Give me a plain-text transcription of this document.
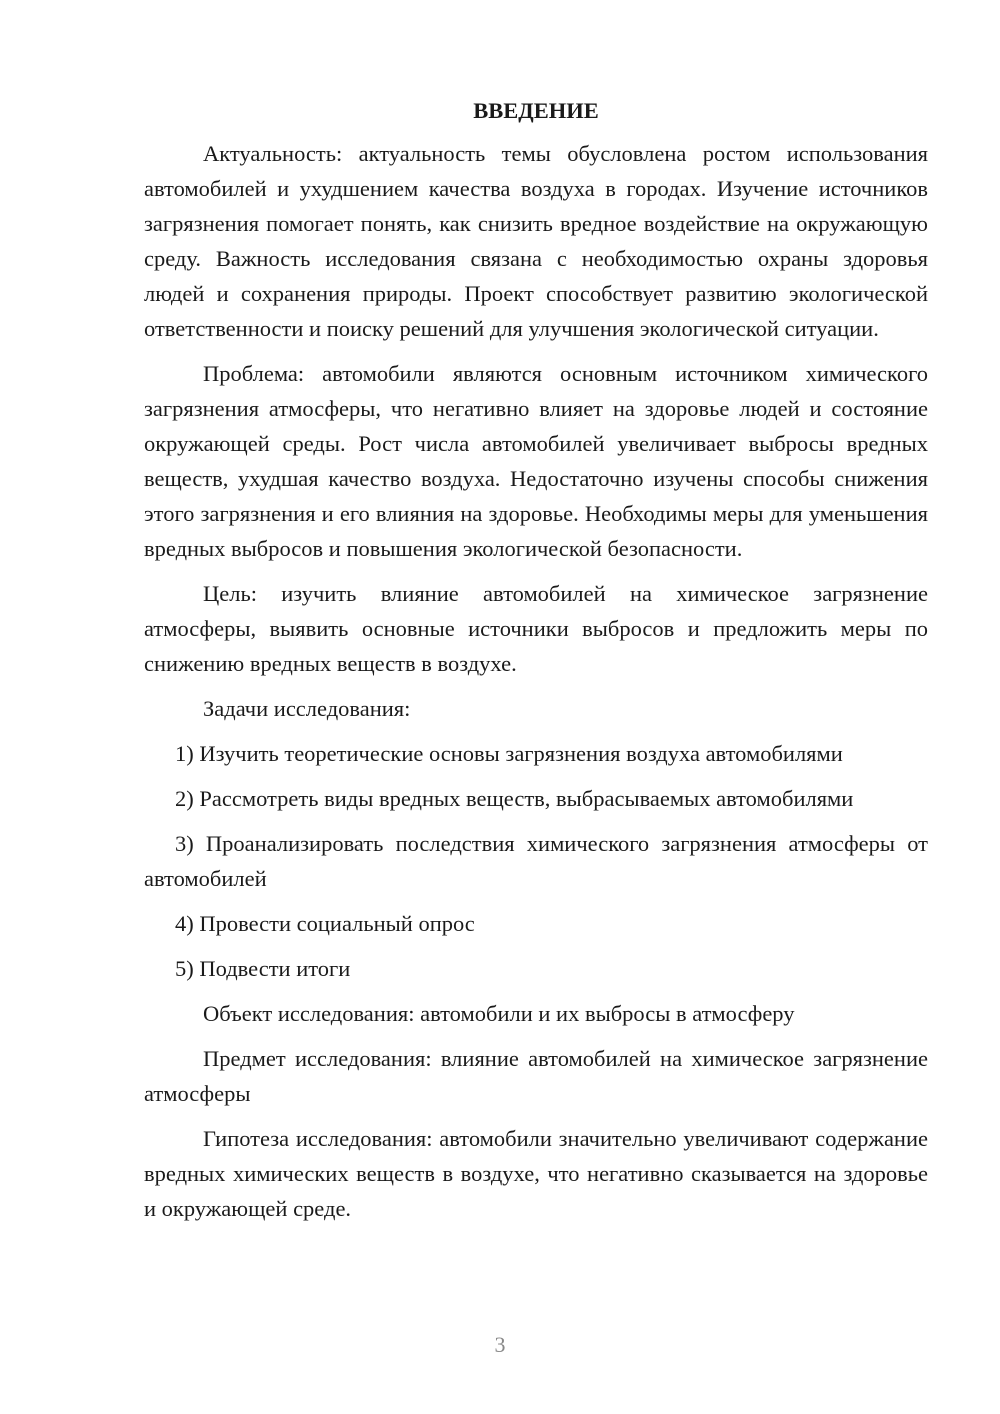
ВВЕДЕНИЕ

Актуальность: актуальность темы обусловлена ростом использования автомобилей и ухудшением качества воздуха в городах. Изучение источников загрязнения помогает понять, как снизить вредное воздействие на окружающую среду. Важность исследования связана с необходимостью охраны здоровья людей и сохранения природы. Проект способствует развитию экологической ответственности и поиску решений для улучшения экологической ситуации.

Проблема: автомобили являются основным источником химического загрязнения атмосферы, что негативно влияет на здоровье людей и состояние окружающей среды. Рост числа автомобилей увеличивает выбросы вредных веществ, ухудшая качество воздуха. Недостаточно изучены способы снижения этого загрязнения и его влияния на здоровье. Необходимы меры для уменьшения вредных выбросов и повышения экологической безопасности.

Цель: изучить влияние автомобилей на химическое загрязнение атмосферы, выявить основные источники выбросов и предложить меры по снижению вредных веществ в воздухе.

Задачи исследования:

1) Изучить теоретические основы загрязнения воздуха автомобилями

2) Рассмотреть виды вредных веществ, выбрасываемых автомобилями

3) Проанализировать последствия химического загрязнения атмосферы от автомобилей

4) Провести социальный опрос

5) Подвести итоги

Объект исследования: автомобили и их выбросы в атмосферу

Предмет исследования: влияние автомобилей на химическое загрязнение атмосферы

Гипотеза исследования: автомобили значительно увеличивают содержание вредных химических веществ в воздухе, что негативно сказывается на здоровье и окружающей среде.

3
